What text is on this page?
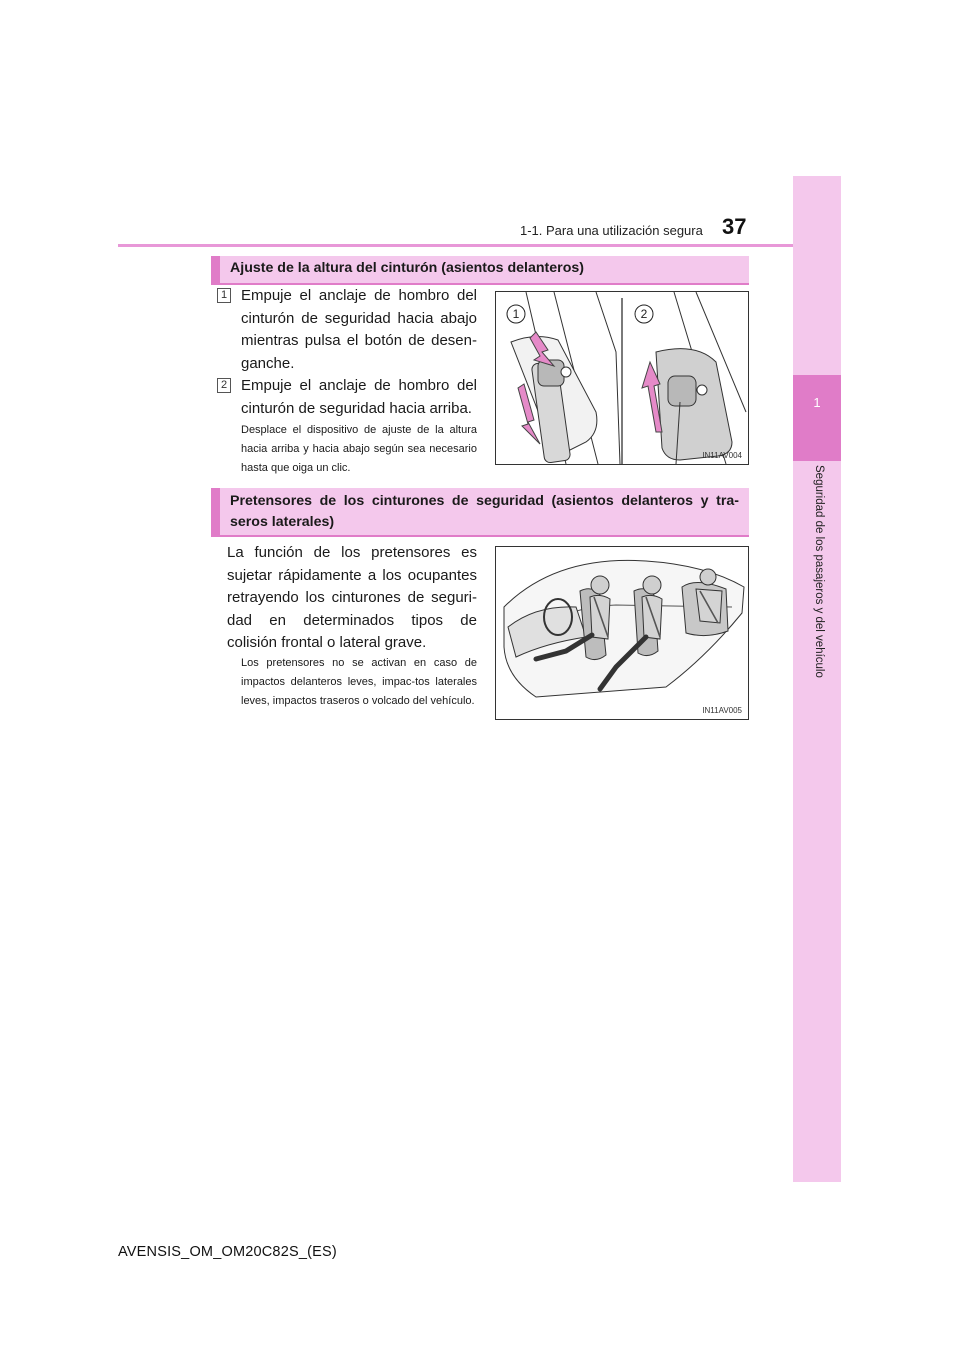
1-1. Para una utilización segura 37
1
Seguridad de los pasajeros y del vehículo
Ajuste de la altura del cinturón (asientos delanteros)
1 Empuje el anclaje de hombro del cinturón de seguridad hacia abajo mientras pulsa el botón de desen-ganche.
2 Empuje el anclaje de hombro del cinturón de seguridad hacia arriba.
Desplace el dispositivo de ajuste de la altura hacia arriba y hacia abajo según sea necesario hasta que oiga un clic.
1	2
IN11AV004
Pretensores de los cinturones de seguridad (asientos delanteros y tra-seros laterales)
La función de los pretensores es sujetar rápidamente a los ocupantes retrayendo los cinturones de seguri-dad en determinados tipos de colisión frontal o lateral grave.
Los pretensores no se activan en caso de impactos delanteros leves, impac-tos laterales leves, impactos traseros o volcado del vehículo.
IN11AV005
AVENSIS_OM_OM20C82S_(ES)
